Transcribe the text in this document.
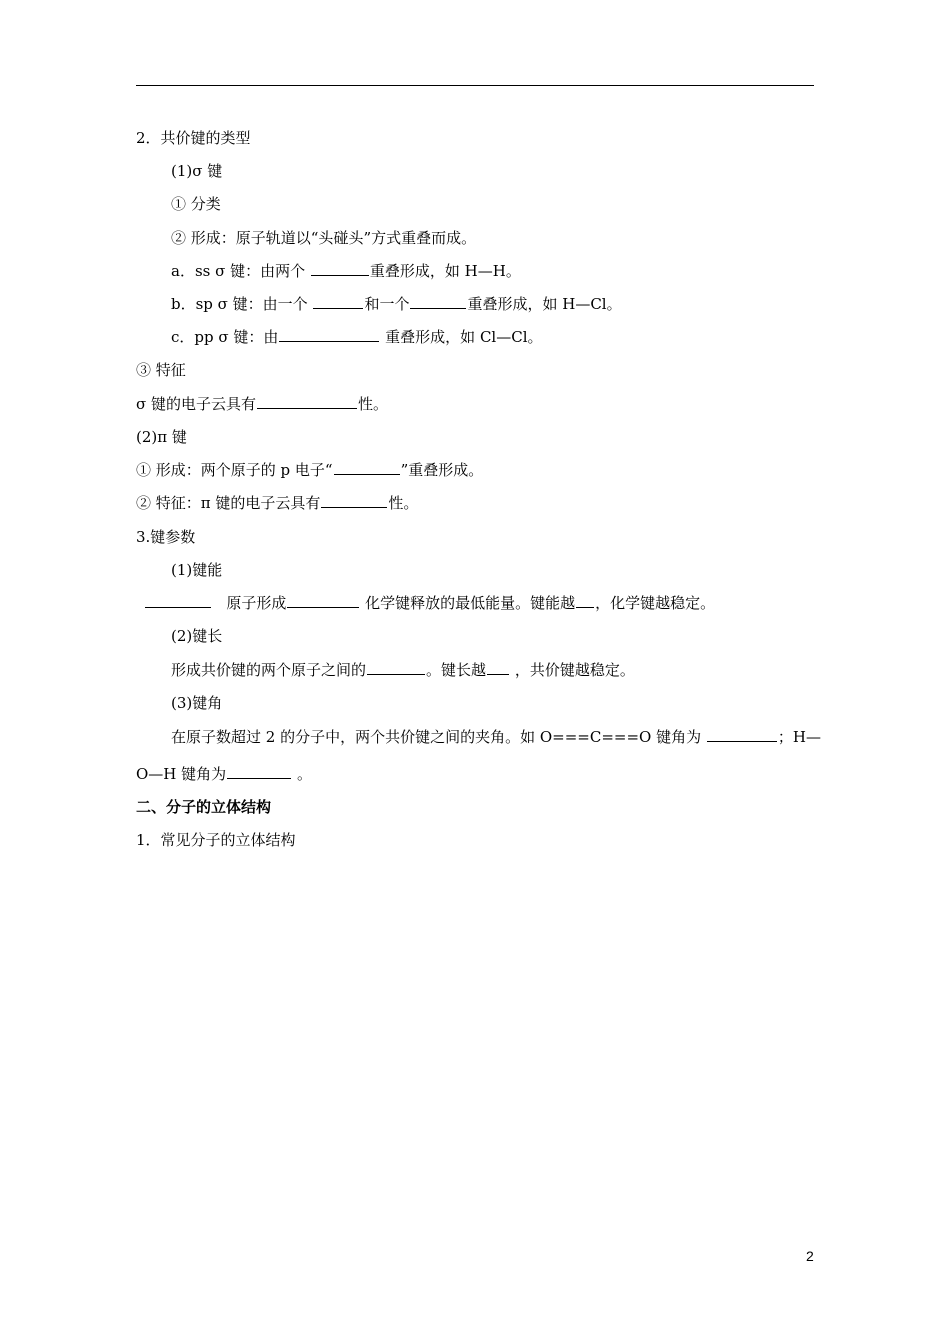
2．共价键的类型
(1)σ 键
① 分类
② 形成：原子轨道以“头碰头”方式重叠而成。
a．ss σ 键：由两个	重叠形成，如 H—H。
b．sp σ 键：由一个	和一个	重叠形成，如 H—Cl。
c．pp σ 键：由	重叠形成，如 Cl—Cl。
③ 特征
σ 键的电子云具有	性。
(2)π 键
① 形成：两个原子的 p 电子“	”重叠形成。
② 特征：π 键的电子云具有	性。
3.键参数
(1)键能
原子形成	化学键释放的最低能量。键能越 ，化学键越稳定。
(2)键长
形成共价键的两个原子之间的	。键长越 ，共价键越稳定。
(3)键角
在原子数超过 2 的分子中，两个共价键之间的夹角。如 O===C===O 键角为	；H—
O—H 键角为	。
二、分子的立体结构
1．常见分子的立体结构
2
